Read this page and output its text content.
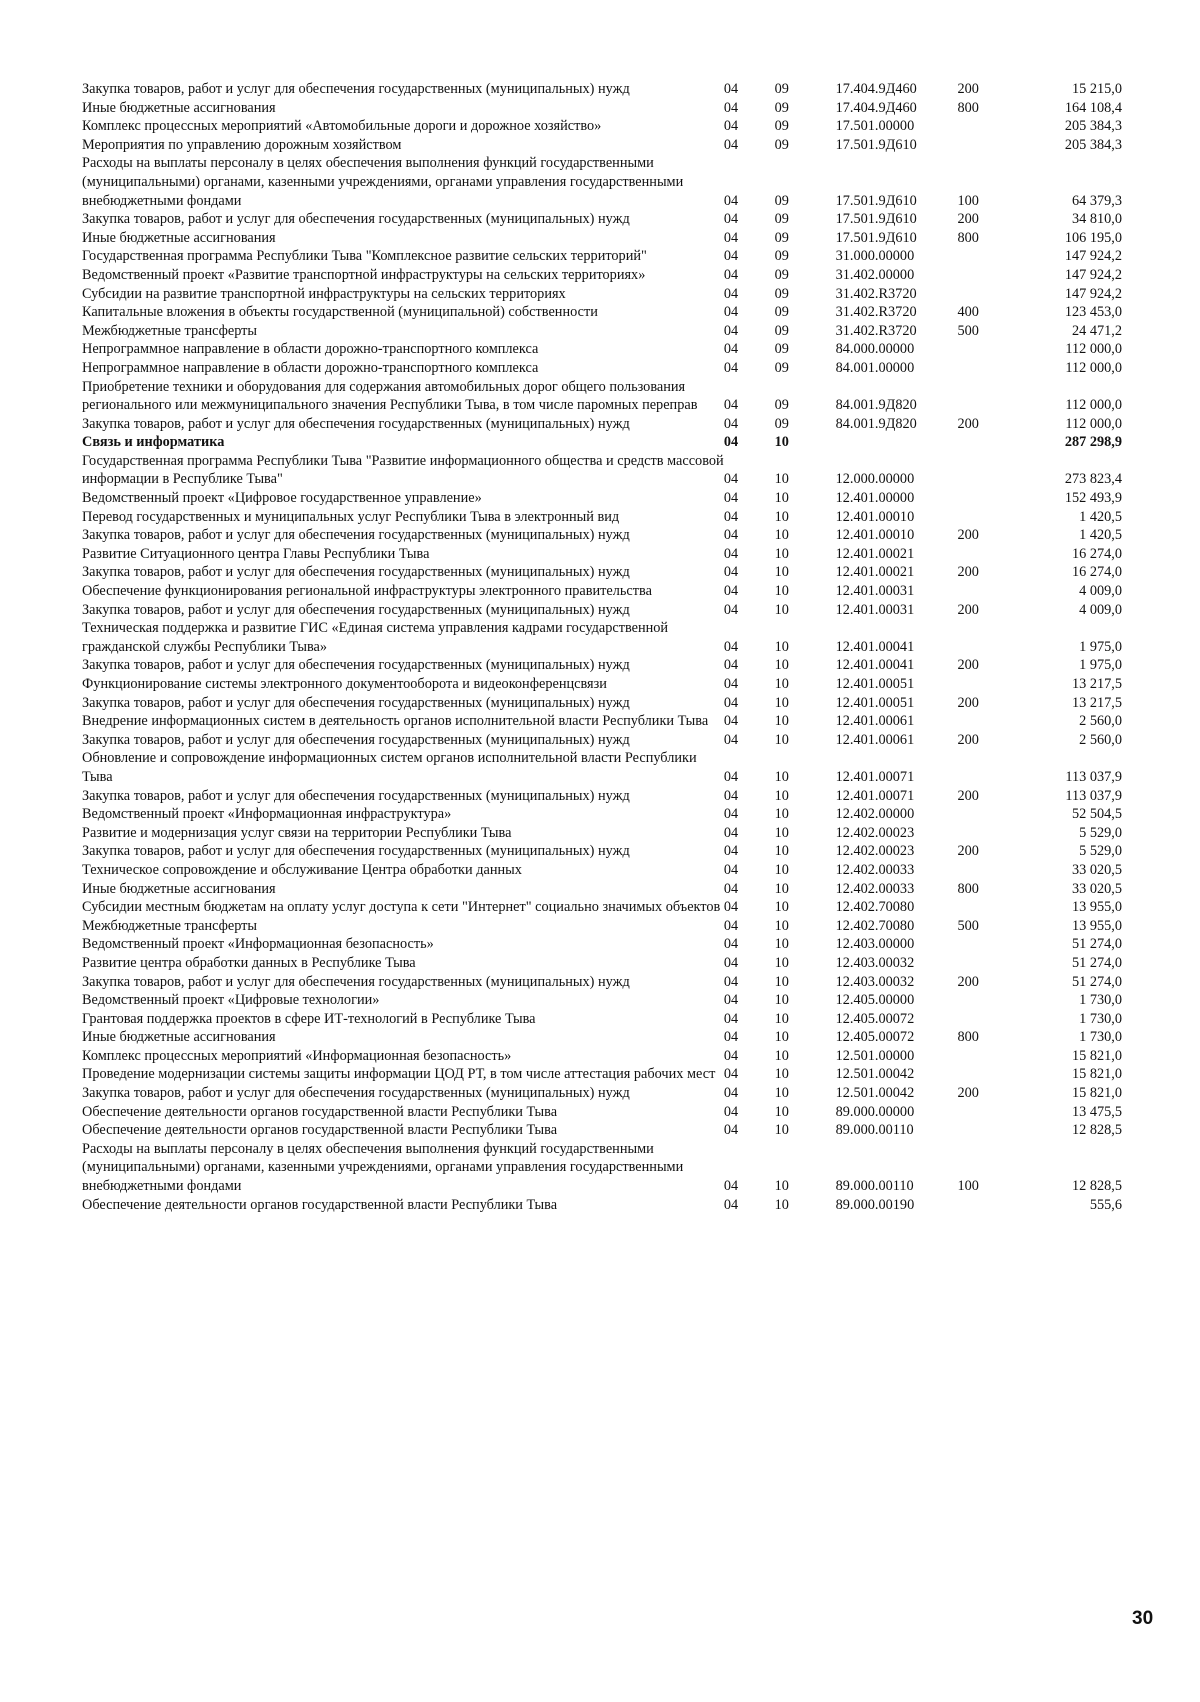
Закупка товаров, работ и услуг для обеспечения государственных (муниципальных) нужд	04	09	17.404.9Д460	200	15 215,0
Иные бюджетные ассигнования	04	09	17.404.9Д460	800	164 108,4
Комплекс процессных мероприятий «Автомобильные дороги и дорожное хозяйство»	04	09	17.501.00000		205 384,3
Мероприятия по управлению дорожным хозяйством	04	09	17.501.9Д610		205 384,3
Расходы на выплаты персоналу в целях обеспечения выполнения функций государственными (муниципальными) органами, казенными учреждениями, органами управления государственными внебюджетными фондами	04	09	17.501.9Д610	100	64 379,3
Закупка товаров, работ и услуг для обеспечения государственных (муниципальных) нужд	04	09	17.501.9Д610	200	34 810,0
Иные бюджетные ассигнования	04	09	17.501.9Д610	800	106 195,0
Государственная программа Республики Тыва "Комплексное развитие сельских территорий"	04	09	31.000.00000		147 924,2
Ведомственный проект «Развитие транспортной инфраструктуры на сельских территориях»	04	09	31.402.00000		147 924,2
Субсидии на развитие транспортной инфраструктуры на сельских территориях	04	09	31.402.R3720		147 924,2
Капитальные вложения в объекты государственной (муниципальной) собственности	04	09	31.402.R3720	400	123 453,0
Межбюджетные трансферты	04	09	31.402.R3720	500	24 471,2
Непрограммное направление в области дорожно-транспортного комплекса	04	09	84.000.00000		112 000,0
Непрограммное направление в области дорожно-транспортного комплекса	04	09	84.001.00000		112 000,0
Приобретение техники и оборудования для содержания автомобильных дорог общего пользования регионального или межмуниципального значения Республики Тыва, в том числе паромных переправ	04	09	84.001.9Д820		112 000,0
Закупка товаров, работ и услуг для обеспечения государственных (муниципальных) нужд	04	09	84.001.9Д820	200	112 000,0
Связь и информатика	04	10			287 298,9
Государственная программа Республики Тыва "Развитие информационного общества и средств массовой информации в Республике Тыва"	04	10	12.000.00000		273 823,4
Ведомственный проект «Цифровое государственное управление»	04	10	12.401.00000		152 493,9
Перевод государственных и муниципальных услуг Республики Тыва в электронный вид	04	10	12.401.00010		1 420,5
Закупка товаров, работ и услуг для обеспечения государственных (муниципальных) нужд	04	10	12.401.00010	200	1 420,5
Развитие Ситуационного центра Главы Республики Тыва	04	10	12.401.00021		16 274,0
Закупка товаров, работ и услуг для обеспечения государственных (муниципальных) нужд	04	10	12.401.00021	200	16 274,0
Обеспечение функционирования региональной инфраструктуры электронного правительства	04	10	12.401.00031		4 009,0
Закупка товаров, работ и услуг для обеспечения государственных (муниципальных) нужд	04	10	12.401.00031	200	4 009,0
Техническая поддержка и развитие ГИС «Единая система управления кадрами государственной гражданской службы Республики Тыва»	04	10	12.401.00041		1 975,0
Закупка товаров, работ и услуг для обеспечения государственных (муниципальных) нужд	04	10	12.401.00041	200	1 975,0
Функционирование системы электронного документооборота и видеоконференцсвязи	04	10	12.401.00051		13 217,5
Закупка товаров, работ и услуг для обеспечения государственных (муниципальных) нужд	04	10	12.401.00051	200	13 217,5
Внедрение информационных систем в деятельность органов исполнительной власти Республики Тыва	04	10	12.401.00061		2 560,0
Закупка товаров, работ и услуг для обеспечения государственных (муниципальных) нужд	04	10	12.401.00061	200	2 560,0
Обновление и сопровождение информационных систем органов исполнительной власти Республики Тыва	04	10	12.401.00071		113 037,9
Закупка товаров, работ и услуг для обеспечения государственных (муниципальных) нужд	04	10	12.401.00071	200	113 037,9
Ведомственный проект «Информационная инфраструктура»	04	10	12.402.00000		52 504,5
Развитие и модернизация услуг связи на территории Республики Тыва	04	10	12.402.00023		5 529,0
Закупка товаров, работ и услуг для обеспечения государственных (муниципальных) нужд	04	10	12.402.00023	200	5 529,0
Техническое сопровождение и обслуживание Центра обработки данных	04	10	12.402.00033		33 020,5
Иные бюджетные ассигнования	04	10	12.402.00033	800	33 020,5
Субсидии местным бюджетам на оплату услуг доступа к сети "Интернет" социально значимых объектов	04	10	12.402.70080		13 955,0
Межбюджетные трансферты	04	10	12.402.70080	500	13 955,0
Ведомственный проект «Информационная безопасность»	04	10	12.403.00000		51 274,0
Развитие центра обработки данных в Республике Тыва	04	10	12.403.00032		51 274,0
Закупка товаров, работ и услуг для обеспечения государственных (муниципальных) нужд	04	10	12.403.00032	200	51 274,0
Ведомственный проект «Цифровые технологии»	04	10	12.405.00000		1 730,0
Грантовая поддержка проектов в сфере ИТ-технологий в Республике Тыва	04	10	12.405.00072		1 730,0
Иные бюджетные ассигнования	04	10	12.405.00072	800	1 730,0
Комплекс процессных мероприятий «Информационная безопасность»	04	10	12.501.00000		15 821,0
Проведение модернизации системы защиты информации ЦОД РТ, в том числе аттестация рабочих мест	04	10	12.501.00042		15 821,0
Закупка товаров, работ и услуг для обеспечения государственных (муниципальных) нужд	04	10	12.501.00042	200	15 821,0
Обеспечение деятельности органов государственной власти Республики Тыва	04	10	89.000.00000		13 475,5
Обеспечение деятельности органов государственной власти Республики Тыва	04	10	89.000.00110		12 828,5
Расходы на выплаты персоналу в целях обеспечения выполнения функций государственными (муниципальными) органами, казенными учреждениями, органами управления государственными внебюджетными фондами	04	10	89.000.00110	100	12 828,5
Обеспечение деятельности органов государственной власти Республики Тыва	04	10	89.000.00190		555,6
30
